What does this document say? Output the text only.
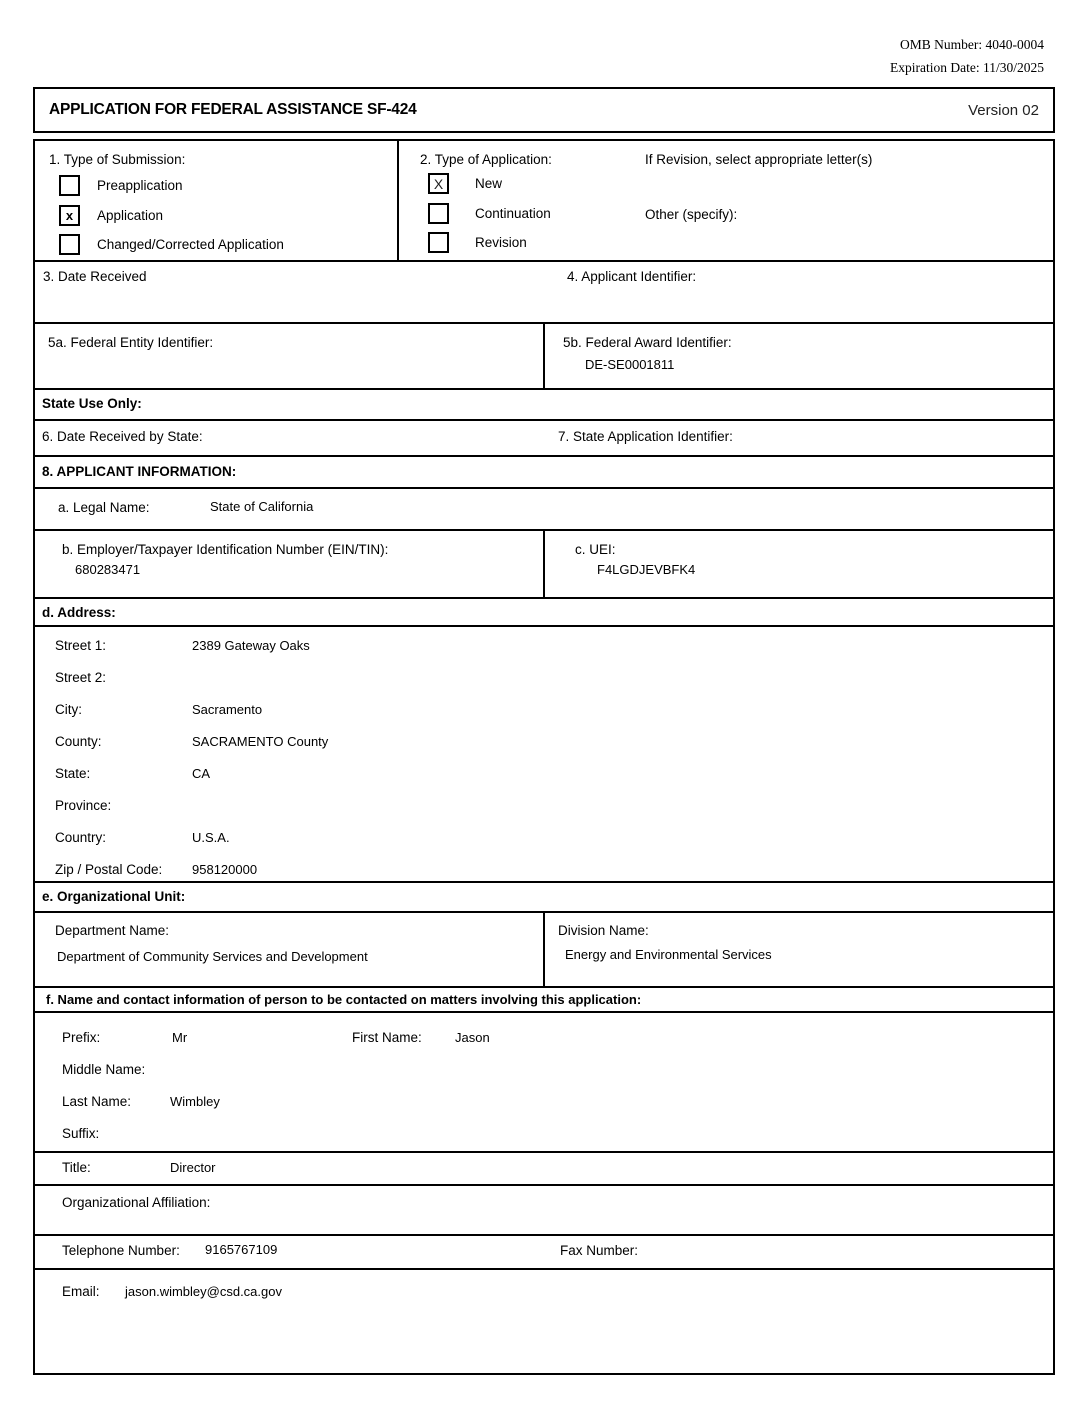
OMB Number: 4040-0004
Expiration Date: 11/30/2025
APPLICATION FOR FEDERAL ASSISTANCE SF-424	Version 02
1. Type of Submission:
Preapplication
x Application
Changed/Corrected Application
2. Type of Application:	If Revision, select appropriate letter(s)
Other (specify):
X New
Continuation
Revision
3. Date Received	4. Applicant Identifier:
5a. Federal Entity Identifier:	5b. Federal Award Identifier:
DE-SE0001811
State Use Only:
6. Date Received by State:	7. State Application Identifier:
8. APPLICANT INFORMATION:
a. Legal Name:	State of California
b. Employer/Taxpayer Identification Number (EIN/TIN):
680283471
c. UEI:
F4LGDJEVBFK4
d. Address:
Street 1:	2389 Gateway Oaks
Street 2:
City:	Sacramento
County:	SACRAMENTO County
State:	CA
Province:
Country:	U.S.A.
Zip / Postal Code:	958120000
e. Organizational Unit:
Department Name:
Department of Community Services and Development
Division Name:
Energy and Environmental Services
f. Name and contact information of person to be contacted on matters involving this application:
Prefix:	Mr	First Name:	Jason
Middle Name:
Last Name:	Wimbley
Suffix:
Title:	Director
Organizational Affiliation:
Telephone Number: 9165767109	Fax Number:
Email: jason.wimbley@csd.ca.gov
